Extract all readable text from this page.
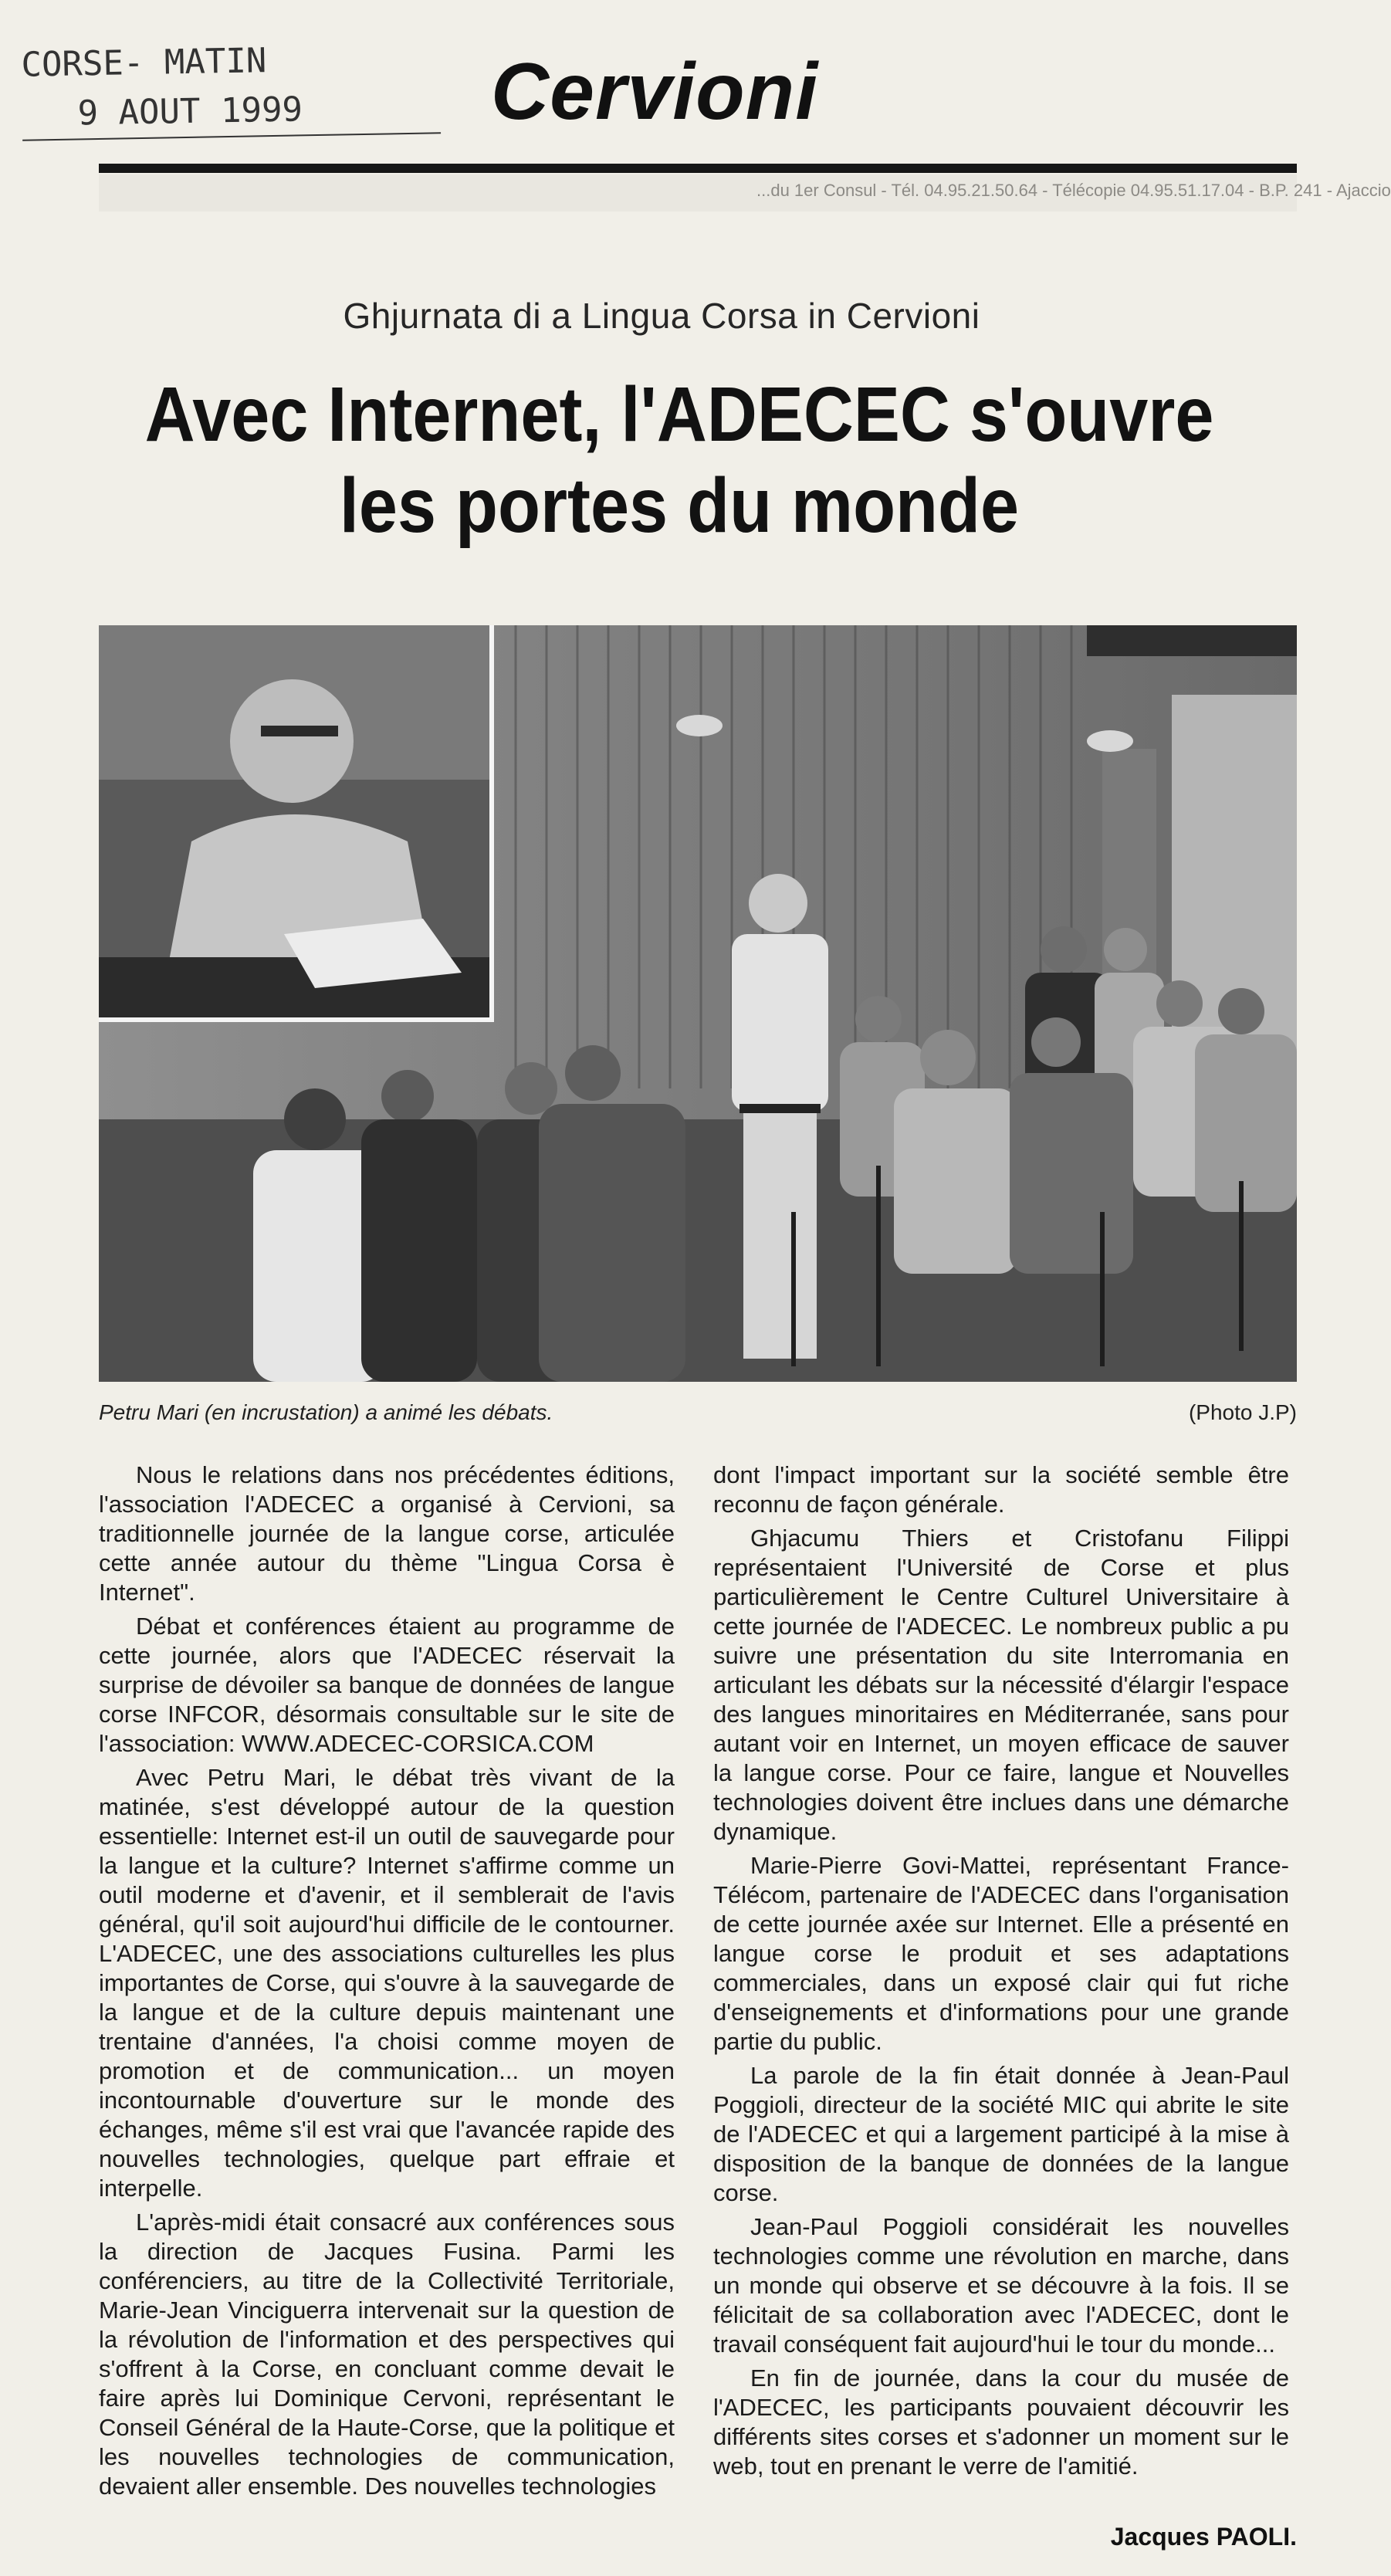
CORSE- MATIN
9 AOUT 1999	Cervioni
...du 1er Consul - Tél. 04.95.21.50.64 - Télécopie 04.95.51.17.04 - B.P. 241 - Ajaccio
Ghjurnata di a Lingua Corsa in Cervioni
Avec Internet, l'ADECEC s'ouvre
les portes du monde
Petru Mari (en incrustation) a animé les débats.	(Photo J.P)

Nous le relations dans nos précédentes éditions, l'association l'ADECEC a organisé à Cervioni, sa traditionnelle journée de la langue corse, articulée cette année autour du thème "Lingua Corsa è Internet".

Débat et conférences étaient au programme de cette journée, alors que l'ADECEC réservait la surprise de dévoiler sa banque de données de langue corse INFCOR, désormais consultable sur le site de l'association: WWW.ADECEC-CORSICA.COM

Avec Petru Mari, le débat très vivant de la matinée, s'est développé autour de la question essentielle: Internet est-il un outil de sauvegarde pour la langue et la culture? Internet s'affirme comme un outil moderne et d'avenir, et il semblerait de l'avis général, qu'il soit aujourd'hui difficile de le contourner. L'ADECEC, une des associations culturelles les plus importantes de Corse, qui s'ouvre à la sauvegarde de la langue et de la culture depuis maintenant une trentaine d'années, l'a choisi comme moyen de promotion et de communication... un moyen incontournable d'ouverture sur le monde des échanges, même s'il est vrai que l'avancée rapide des nouvelles technologies, quelque part effraie et interpelle.

L'après-midi était consacré aux conférences sous la direction de Jacques Fusina. Parmi les conférenciers, au titre de la Collectivité Territoriale, Marie-Jean Vinciguerra intervenait sur la question de la révolution de l'information et des perspectives qui s'offrent à la Corse, en concluant comme devait le faire après lui Dominique Cervoni, représentant le Conseil Général de la Haute-Corse, que la politique et les nouvelles technologies de communication, devaient aller ensemble. Des nouvelles technologies

dont l'impact important sur la société semble être reconnu de façon générale.

Ghjacumu Thiers et Cristofanu Filippi représentaient l'Université de Corse et plus particulièrement le Centre Culturel Universitaire à cette journée de l'ADECEC. Le nombreux public a pu suivre une présentation du site Interromania en articulant les débats sur la nécessité d'élargir l'espace des langues minoritaires en Méditerranée, sans pour autant voir en Internet, un moyen efficace de sauver la langue corse. Pour ce faire, langue et Nouvelles technologies doivent être inclues dans une démarche dynamique.

Marie-Pierre Govi-Mattei, représentant France-Télécom, partenaire de l'ADECEC dans l'organisation de cette journée axée sur Internet. Elle a présenté en langue corse le produit et ses adaptations commerciales, dans un exposé clair qui fut riche d'enseignements et d'informations pour une grande partie du public.

La parole de la fin était donnée à Jean-Paul Poggioli, directeur de la société MIC qui abrite le site de l'ADECEC et qui a largement participé à la mise à disposition de la banque de données de la langue corse.

Jean-Paul Poggioli considérait les nouvelles technologies comme une révolution en marche, dans un monde qui observe et se découvre à la fois. Il se félicitait de sa collaboration avec l'ADECEC, dont le travail conséquent fait aujourd'hui le tour du monde...

En fin de journée, dans la cour du musée de l'ADECEC, les participants pouvaient découvrir les différents sites corses et s'adonner un moment sur le web, tout en prenant le verre de l'amitié.

Jacques PAOLI.
